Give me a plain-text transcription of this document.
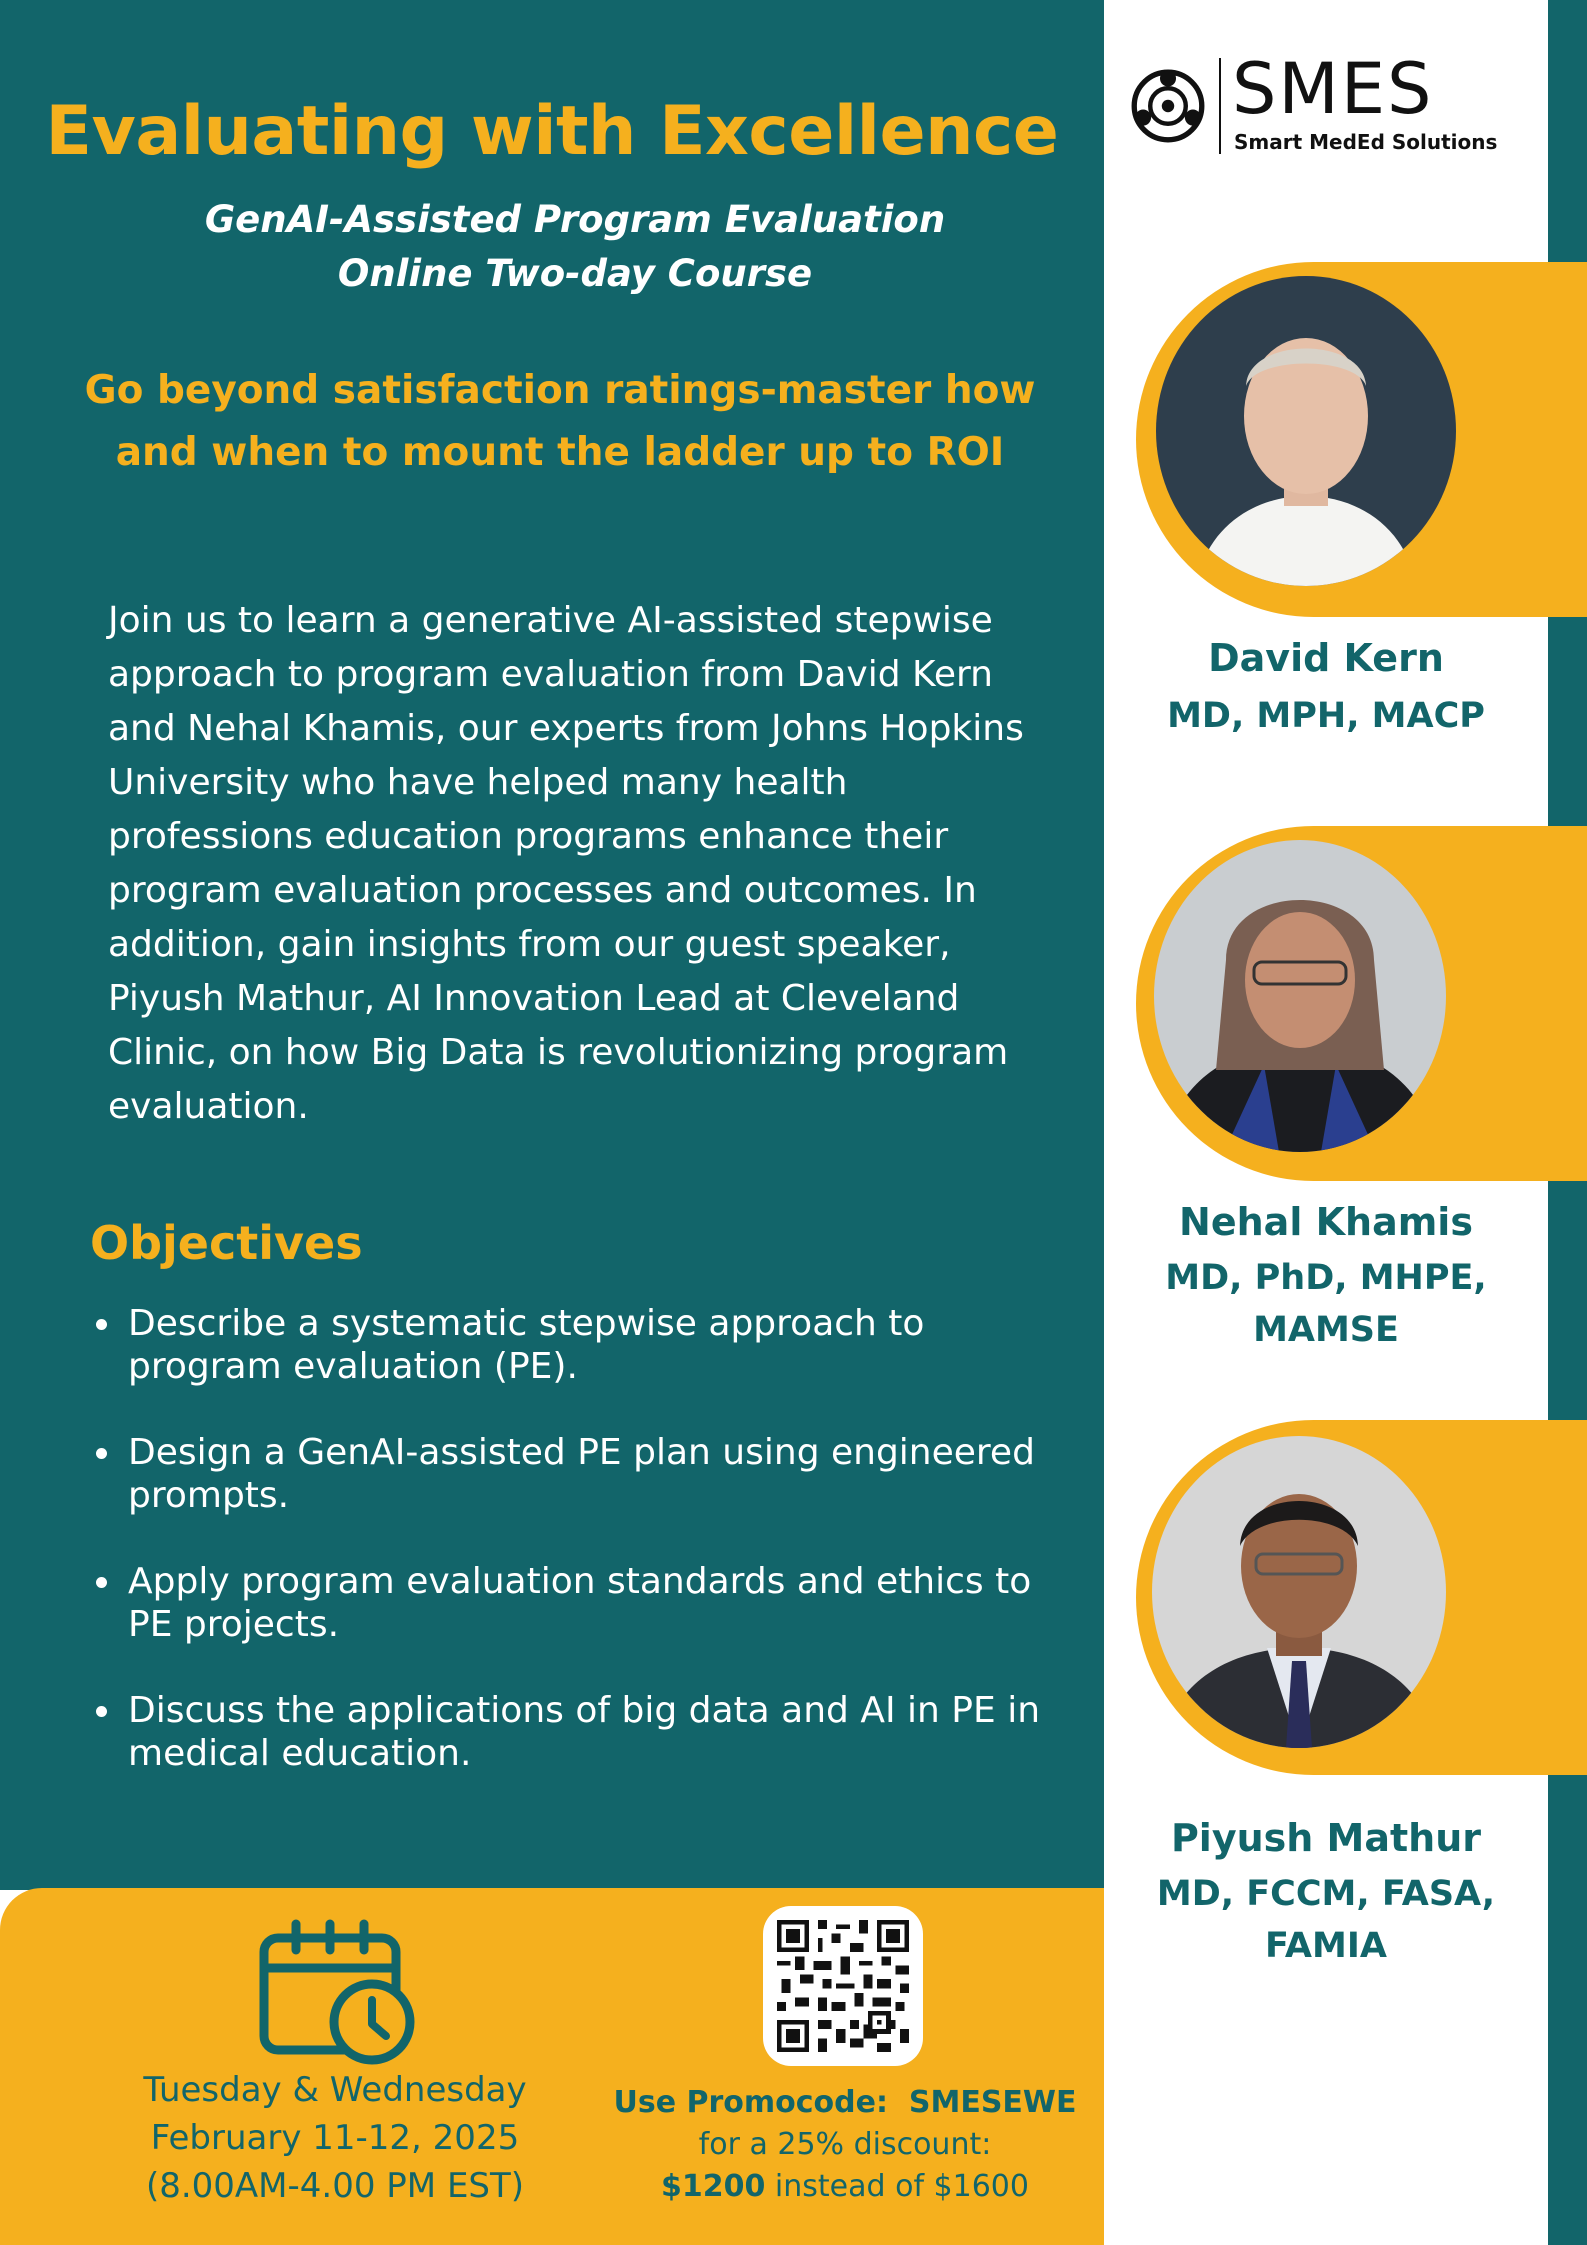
Evaluating with Excellence
GenAI-Assisted Program Evaluation
Online Two-day Course
Go beyond satisfaction ratings-master how and when to mount the ladder up to ROI
Join us to learn a generative AI-assisted stepwise approach to program evaluation from David Kern and Nehal Khamis, our experts from Johns Hopkins University who have helped many health professions education programs enhance their program evaluation processes and outcomes. In addition, gain insights from our guest speaker, Piyush Mathur, AI Innovation Lead at Cleveland Clinic, on how Big Data is revolutionizing program evaluation.
Objectives
Describe a systematic stepwise approach to program evaluation (PE).
Design a GenAI-assisted PE plan using engineered prompts.
Apply program evaluation standards and ethics to PE projects.
Discuss the applications of big data and AI in PE in medical education.
Tuesday & Wednesday
February 11-12, 2025
(8.00AM-4.00 PM EST)
Use Promocode: SMESEWE
for a 25% discount:
$1200 instead of $1600
SMES
Smart MedEd Solutions
David Kern
MD, MPH, MACP
Nehal Khamis
MD, PhD, MHPE,
MAMSE
Piyush Mathur
MD, FCCM, FASA,
FAMIA
